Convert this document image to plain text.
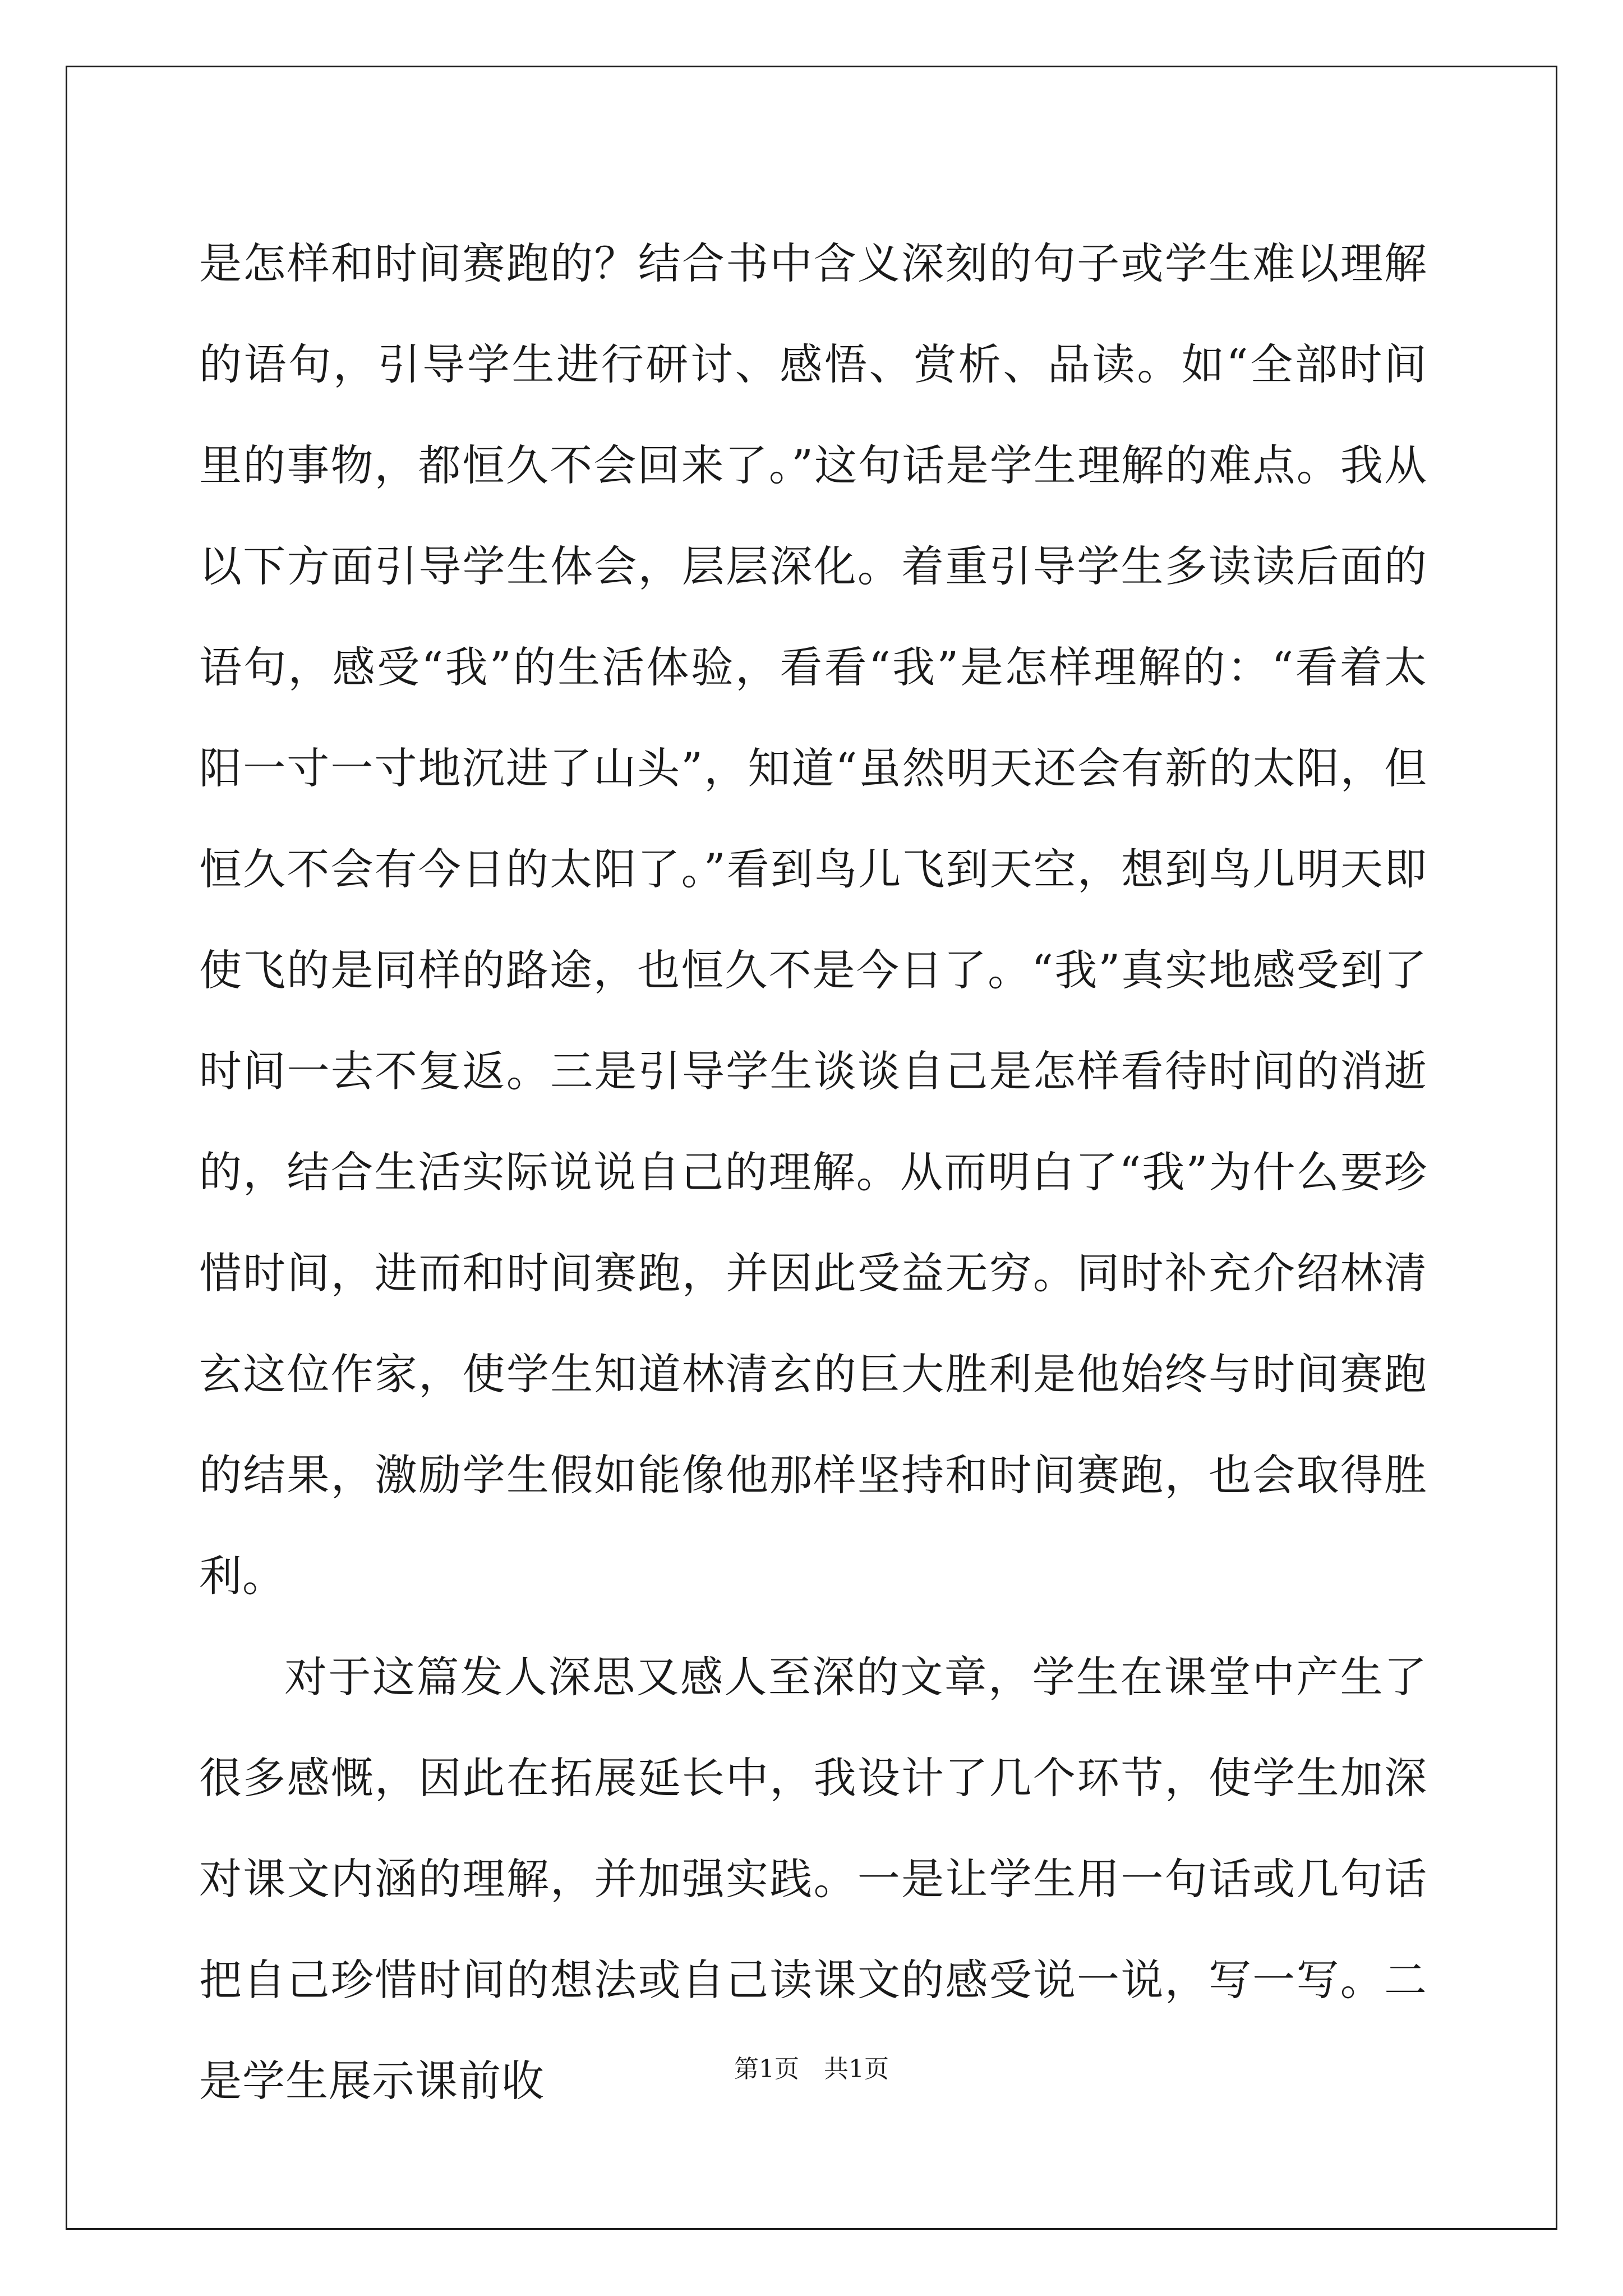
是怎样和时间赛跑的？结合书中含义深刻的句子或学生难以理解的语句，引导学生进行研讨、感悟、赏析、品读。如“全部时间里的事物，都恒久不会回来了。”这句话是学生理解的难点。我从以下方面引导学生体会，层层深化。着重引导学生多读读后面的语句，感受“我”的生活体验，看看“我”是怎样理解的：“看着太阳一寸一寸地沉进了山头”，知道“虽然明天还会有新的太阳，但恒久不会有今日的太阳了。”看到鸟儿飞到天空，想到鸟儿明天即使飞的是同样的路途，也恒久不是今日了。“我”真实地感受到了时间一去不复返。三是引导学生谈谈自己是怎样看待时间的消逝的，结合生活实际说说自己的理解。从而明白了“我”为什么要珍惜时间，进而和时间赛跑，并因此受益无穷。同时补充介绍林清玄这位作家，使学生知道林清玄的巨大胜利是他始终与时间赛跑的结果，激励学生假如能像他那样坚持和时间赛跑，也会取得胜利。

对于这篇发人深思又感人至深的文章，学生在课堂中产生了很多感慨，因此在拓展延长中，我设计了几个环节，使学生加深对课文内涵的理解，并加强实践。一是让学生用一句话或几句话把自己珍惜时间的想法或自己读课文的感受说一说，写一写。二是学生展示课前收	第1页　共1页
